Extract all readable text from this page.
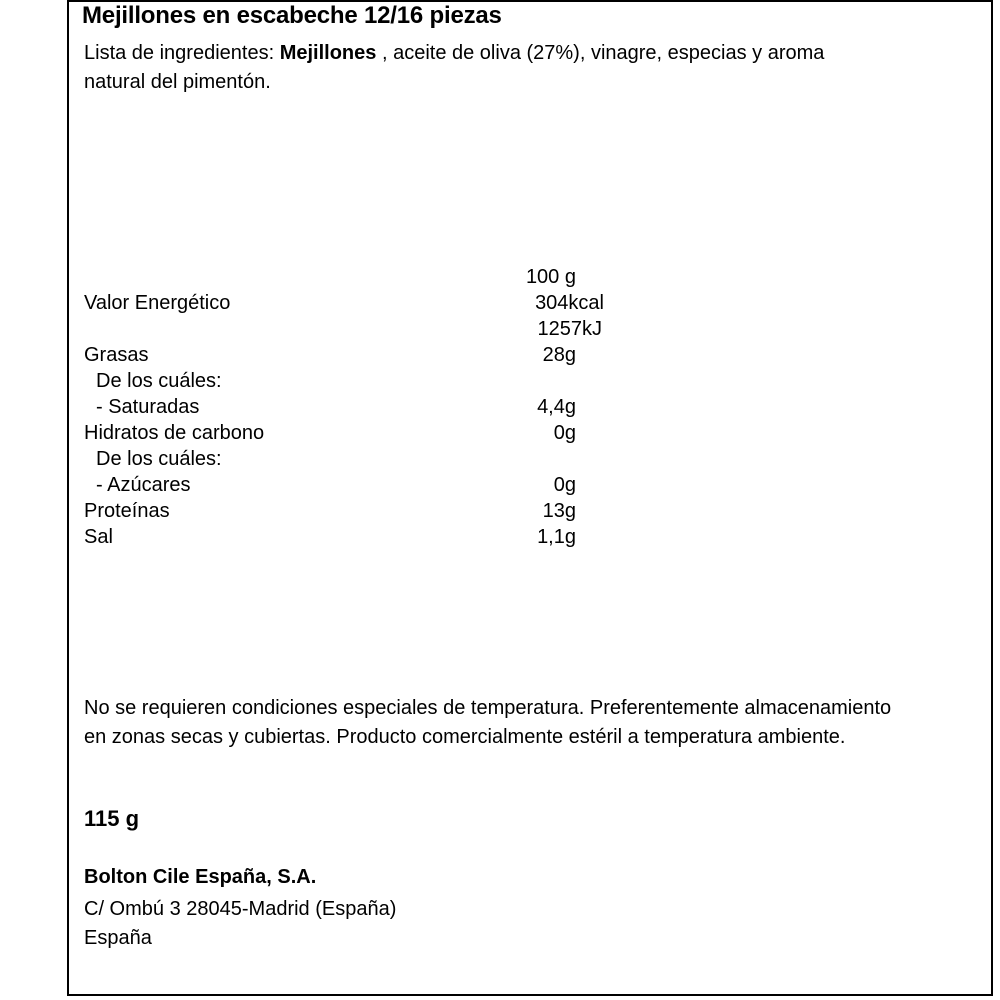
Mejillones en escabeche 12/16 piezas
Lista de ingredientes: Mejillones , aceite de oliva (27%), vinagre, especias y aroma natural del pimentón.
100 g
Valor Energético	304kcal
1257kJ
Grasas	28g
De los cuáles:
- Saturadas	4,4g
Hidratos de carbono	0g
De los cuáles:
- Azúcares	0g
Proteínas	13g
Sal	1,1g
No se requieren condiciones especiales de temperatura. Preferentemente almacenamiento en zonas secas y cubiertas. Producto comercialmente estéril a temperatura ambiente.
115 g
Bolton Cile España, S.A.
C/ Ombú 3 28045-Madrid (España)
España
